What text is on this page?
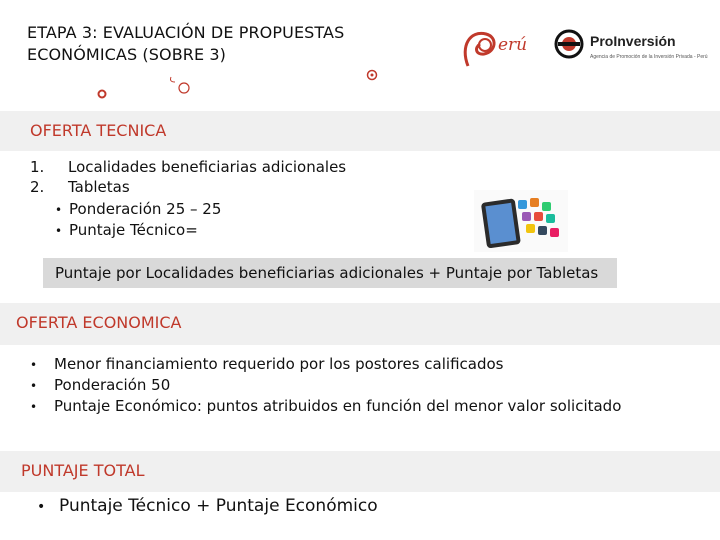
ETAPA 3: EVALUACIÓN DE PROPUESTAS
ECONÓMICAS (SOBRE 3)	erú	ProInversión
Agencia de Promoción de la Inversión Privada - Perú
OFERTA TECNICA
1.	Localidades beneficiarias adicionales
2.	Tabletas
• Ponderación 25 – 25
• Puntaje Técnico=
Puntaje por Localidades beneficiarias adicionales + Puntaje por Tabletas
OFERTA ECONOMICA
• Menor financiamiento requerido por los postores calificados
• Ponderación 50
• Puntaje Económico: puntos atribuidos en función del menor valor solicitado
PUNTAJE TOTAL
• Puntaje Técnico + Puntaje Económico
